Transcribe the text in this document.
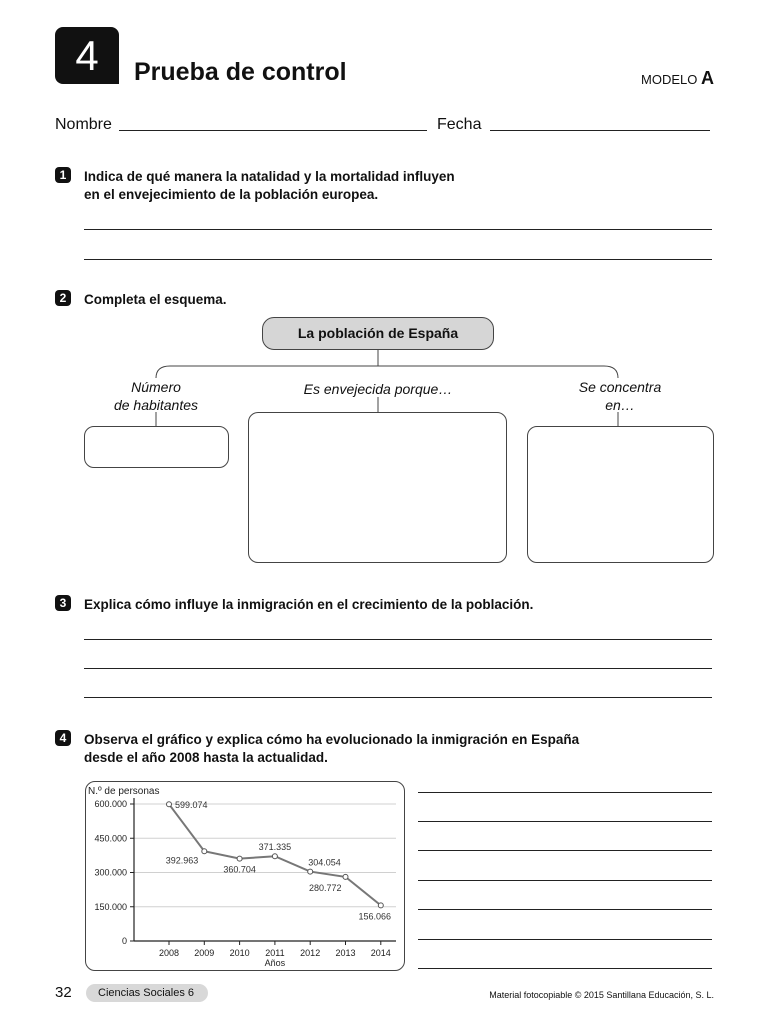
4	Prueba de control	MODELO A
Nombre	Fecha
1	Indica de qué manera la natalidad y la mortalidad influyen
en el envejecimiento de la población europea.
2	Completa el esquema.
La población de España
Número
de habitantes
Es envejecida porque…	Se concentra
en…
3	Explica cómo influye la inmigración en el crecimiento de la población.
4	Observa el gráfico y explica cómo ha evolucionado la inmigración en España
desde el año 2008 hasta la actualidad.
N.º de personas
0
150.000
300.000
450.000
600.000
2008 2009 2010 2011 2012 2013 2014
Años
599.074
392.963
360.704
371.335
304.054
280.772
156.066
32	Ciencias Sociales 6	Material fotocopiable © 2015 Santillana Educación, S. L.
